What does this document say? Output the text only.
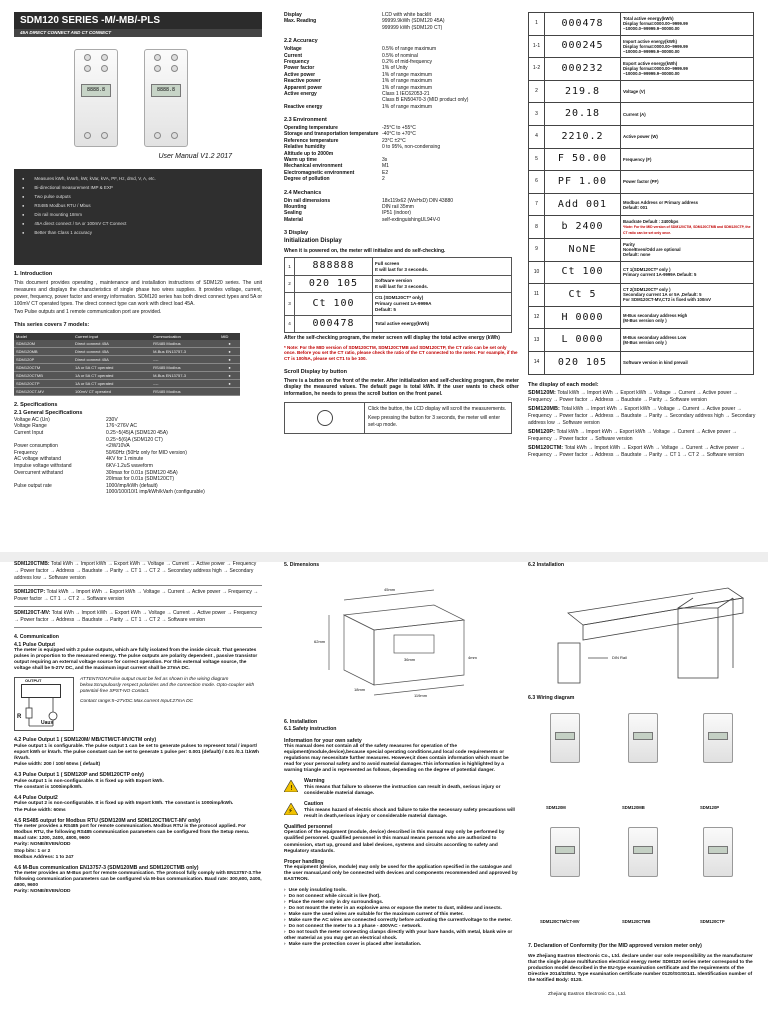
SDM120 SERIES -M/-MB/-PLS
45A DIRECT CONNECT AND CT CONNECT
8888.8	8888.8
User Manual V1.2 2017
● Measures kWh, kVarh, kW, kVar, kVA, PF, Hz, dmd, V, A, etc.
● Bi-directional measurement IMP & EXP
● Two pulse outputs
● RS485 Modbus RTU / Mbus
● Din rail mounting 18mm
● 45A direct connect / 5A or 100mV CT Connect
● Better than Class 1 accuracy
1. Introduction
This document provides operating , maintenance and installation instructions of SDM120 series. The unit measures and displays the characteristics of single phase two wires supplies. It provides voltage, current, power, frequency, power factor and energy information. SDM120 series has both direct connect types and 5A or 100mV CT operated types. The direct connect type can work with direct load 45A.
Two Pulse outputs and 1 remote communication port are provided.
This series covers 7 models:
Model	Current input	Communication	MID
SDM120M	Direct connect 45A	RS485 Modbus	●
SDM120MB	Direct connect 45A	M-Bus EN13757-3	●
SDM120P	Direct connect 45A	----	●
SDM120CTM	1A or 5A CT operated	RS485 Modbus	●
SDM120CTMB	1A or 5A CT operated	M-Bus EN13757-3	●
SDM120CTP	1A or 5A CT operated	----	●
SDM120CT-MV	100mV CT operated	RS485 Modbus	
2. Specifications
2.1 General Specifications
Voltage AC (Un)	230V
Voltage Range	176~276V AC
Current Input	0.25~5(45)A (SDM120 45A)
0.25~5(6)A (SDM120 CT)
Power consumption	<2W/10VA
Frequency	50/60Hz (50Hz only for MID version)
AC voltage withstand	4KV for 1 minute
Impulse voltage withstand	6KV-1.2uS waveform
Overcurrent withstand	30Imax for 0.01s (SDM120 45A)
20Imax for 0.01s (SDM120CT)
Pulse output rate	1000/imp/kWh (default)
1000/100/10/1 imp/kWh/kVarh (configurable)
Display	LCD with white backlit
Max. Reading	99999.9kWh (SDM120 45A)
999999 kWh (SDM120 CT)
2.2 Accuracy
Voltage	0.5% of range maximum
Current	0.5% of nominal
Frequency	0.2% of mid-frequency
Power factor	1% of Unity
Active power	1% of range maximum
Reactive power	1% of range maximum
Apparent power	1% of range maximum
Active energy	Class 1 IEC62053-21
Class B EN50470-3 (MID product only)
Reactive energy	1% of range maximum
2.3 Environment
Operating temperature	-25°C to +55°C
Storage and transportation temperature -40°C to +70°C
Reference temperature	23°C ±2°C
Relative humidity	0 to 95%, non-condensing
Altitude up to 2000m
Warm up time	3s
Mechanical environment	M1
Electromagnetic environment	E2
Degree of pollution	2
2.4 Mechanics
Din rail dimensions	18x119x62 (WxHxD) DIN 43880
Mounting	DIN rail 35mm
Sealing	IP51 (indoor)
Material	self-extinguishingUL94V-0
3 Display
Initialization Display
When it is powered on, the meter will initialize and do self-checking.
1	888888	Full screen
It will last for 3 seconds.
2	020 105	Software version
It will last for 3 seconds.
3	Ct 100	Ct1 (SDM120CT* only)
Primary current 1A-9999A
Default: 5
4	000478	Total active energy(kWh)
After the self-checking program, the meter screen will display the total active energy (kWh)
* Note: For the MID version of SDM120CTM, SDM120CTMB and SDM120CTP, the CT ratio can be set only once. Before you set the CT ratio, please check the ratio of the CT connected to the meter. For example, if the CT is 100/5A, please set CT1 to be 100.
Scroll Display by button
There is a button on the front of the meter. After initialization and self-checking program, the meter display the measured values. The default page is total kWh. If the user wants to check other information, he needs to press the scroll button on the front panel.
Click the button, the LCD display will scroll the measurements.
Keep pressing the button for 3 seconds, the meter will enter set-up mode.
1	000478	Total active energy(kWh)
Display format:0000.00~9999.99
~10000.0~99999.9~00000.00
1-1	000245	Import active energy(kWh)
Display format:0000.00~9999.99
~10000.0~99999.9~00000.00
1-2	000232	Export active energy(kWh)
Display format:0000.00~9999.99
~10000.0~99999.9~00000.00
2	219.8	Voltage (V)
3	20.18	Current (A)
4	2210.2	Active power (W)
5	F 50.00	Frequency (F)
6	PF 1.00	Power factor (PF)
7	Add 001	Modbus Address or Primary address
Default: 001
8	b 2400	Baudrate Default : 2400bps
*Note: For the MID version of SDM120CTM, SDM120CTMB and SDM120CTP, the CT ratio can be set only once.
9	NoNE	Parity
None/Even/Odd are optional
Default: none
10	Ct 100	CT 1(SDM120CT* only )
Primary current 1A-9999A Default: 5
11	Ct 5	CT 2(SDM120CT* only )
Secondary current 1A or 5A ,Default: 5
For SDM120CT-MV,CT2 is fixed with 100mV
12	H 0000	M-Bus secondary address High
(M-Bus version only )
13	L 0000	M-Bus secondary address Low
(M-Bus version only )
14	020 105	Software version in kind prevail
The display of each model:
SDM120M: Total kWh → Import kWh → Export kWh → Voltage → Current → Active power → Frequency → Power factor → Address → Baudrate → Parity → Software version
SDM120MB: Total kWh → Import kWh → Export kWh → Voltage → Current → Active power → Frequency → Power factor → Address → Baudrate → Parity → Secondary address high → Secondary address low → Software version
SDM120P: Total kWh → Import kWh → Export kWh → Voltage → Current → Active power → Frequency → Power factor → Software version
SDM120CTM: Total kWh → Import kWh → Export kWh → Voltage → Current → Active power → Frequency → Power factor → Address → Baudrate → Parity → CT 1 → CT 2 → Software version
SDM120CTMB: Total kWh → Import kWh → Export kWh → Voltage → Current → Active power → Frequency → Power factor → Address → Baudrate → Parity → CT 1 → CT 2 → Secondary address high → Secondary address low → Software version
SDM120CTP: Total kWh → Import kWh → Export kWh → Voltage → Current → Active power → Frequency → Power factor → CT 1 → CT 2 → Software version
SDM120CT-MV: Total kWh → Import kWh → Export kWh → Voltage → Current → Active power → Frequency → Power factor → Address → Baudrate → Parity → CT 1 → CT 2 → Software version
4. Communication
4.1 Pulse Output
The meter is equipped with 2 pulse outputs, which are fully isolated from the inside circuit. That generates pulses in proportion to the measured energy. The pulse outputs are polarity dependent , passive transistor output requiring an external voltage source for correct operation. For this external voltage source, the voltage shall be 5-27V DC, and the maximum input current shall be 27mA DC.
OUTPUT
R
Uaux
ATTENTION:Pulse output must be fed as shown in the wiring diagram below.Scrupulously respect polarities and the connection mode. Opto-coupler with potential-free SPST-NO Contact.
Contact range:5~27VDC.Max.current Input:27mA DC
4.2 Pulse Output 1 ( SDM120M/ MB/CTM/CT-MV/CTM only)
Pulse output 1 is configurable. The pulse output 1 can be set to generate pulses to represent total / import/ export kWh or kVarh. The pulse constant can be set to generate 1 pulse per: 0.001 (default) / 0.01 /0.1 /1kWh /kVarh.
Pulse width: 200 / 100/ 60ms ( default)
4.3 Pulse Output 1 ( SDM120P and SDM120CTP only)
Pulse output 1 is non-configurable. It is fixed up with Export kWh.
The constant is 1000imp/kWh.
4.4 Pulse Output2
Pulse output 2 is non-configurable. It is fixed up with Import kWh. The constant is 1000imp/kWh.
The Pulse width: 60ms
4.5 RS485 output for Modbus RTU (SDM120M and SDM120CTM/CT-MV only)
The meter provides a RS485 port for remote communication. Modbus RTU is the protocol applied. For Modbus RTU, the following RS485 communication parameters can be configured from the Setup menu.
Baud rate: 1200, 2400, 4800, 9600
Parity: NONE/EVEN/ODD
Stop bits: 1 or 2
Modbus Address: 1 to 247
4.6 M-Bus communication EN13757-3 (SDM120MB and SDM120CTMB only)
The meter provides an M-Bus port for remote communication. The protocol fully comply with EN13757-3.The following communication parameters can be configured via M-bus communication. Baud rate: 300,600, 2400, 4800, 9600
Parity: NONE/EVEN/ODD
5. Dimensions
45mm
62mm
36mm	4mm
119mm
18mm
6. Installation
6.1 Safety instruction
Information for your own safety
This manual does not contain all of the safety measures for operation of the equipment(module,device),because special operating conditions,and local code requirements or regulations may necessitate further measures. However,it does contain information which must be read for your personal safety and to avoid material damages.This information is highlighted by a warning triangle and is represented as follows, depending on the degree of potential danger.
!
Warning
This means that failure to observe the instruction can result in death, serious injury or considerable material damage.
⚡
Caution
This means hazard of electric shock and failure to take the necessary safety precautions will result in death,serious injury or considerable material damage.
Qualified personnel
Operation of the equipment (module, device) described in this manual may only be performed by qualified personnel. Qualified personnel in this manual means persons who are authorized to commission, start up, ground and label devices, systems and circuits according to safety and Regulatory standards.
Proper handling
The equipment (device, module) may only be used for the application specified in the catalogue and the user manual,and only be connected with devices and components recommended and approved by EASTRON.
› Use only insulating tools.
› Do not connect while circuit is live (hot).
› Place the meter only in dry surroundings.
› Do not mount the meter in an explosive area or expose the meter to dust, mildew and insects.
› Make sure the used wires are suitable for the maximum current of this meter.
› Make sure the AC wires are connected correctly before activating the current/voltage to the meter.
› Do not connect the meter to a 3 phase - 400VAC - network.
› Do not touch the meter connecting clamps directly with your bare hands, with metal, blank wire or other material as you may get an electrical shock.
› Make sure the protection cover is placed after installation.
6.2 Installation
DIN Rail
6.3 Wiring diagram
SDM120M	SDM120MB	SDM120P
SDM120CTM/CT-MV	SDM120CTMB	SDM120CTP
7. Declaration of Conformity (for the MID approved version meter only)
We Zhejiang Eastron Electronic Co., Ltd. declare under our sole responsibility as the manufacturer that the single phase multifunction electrical energy meter SDM120 series meter correspond to the production model described in the EU-type examination certificate and the requirements of the Directive 2014/32/EU. Type examination certificate number 0120/SGS0141. Identification number of the Notified Body: 0120.
Zhejiang Eastron Electronic Co., Ltd.
